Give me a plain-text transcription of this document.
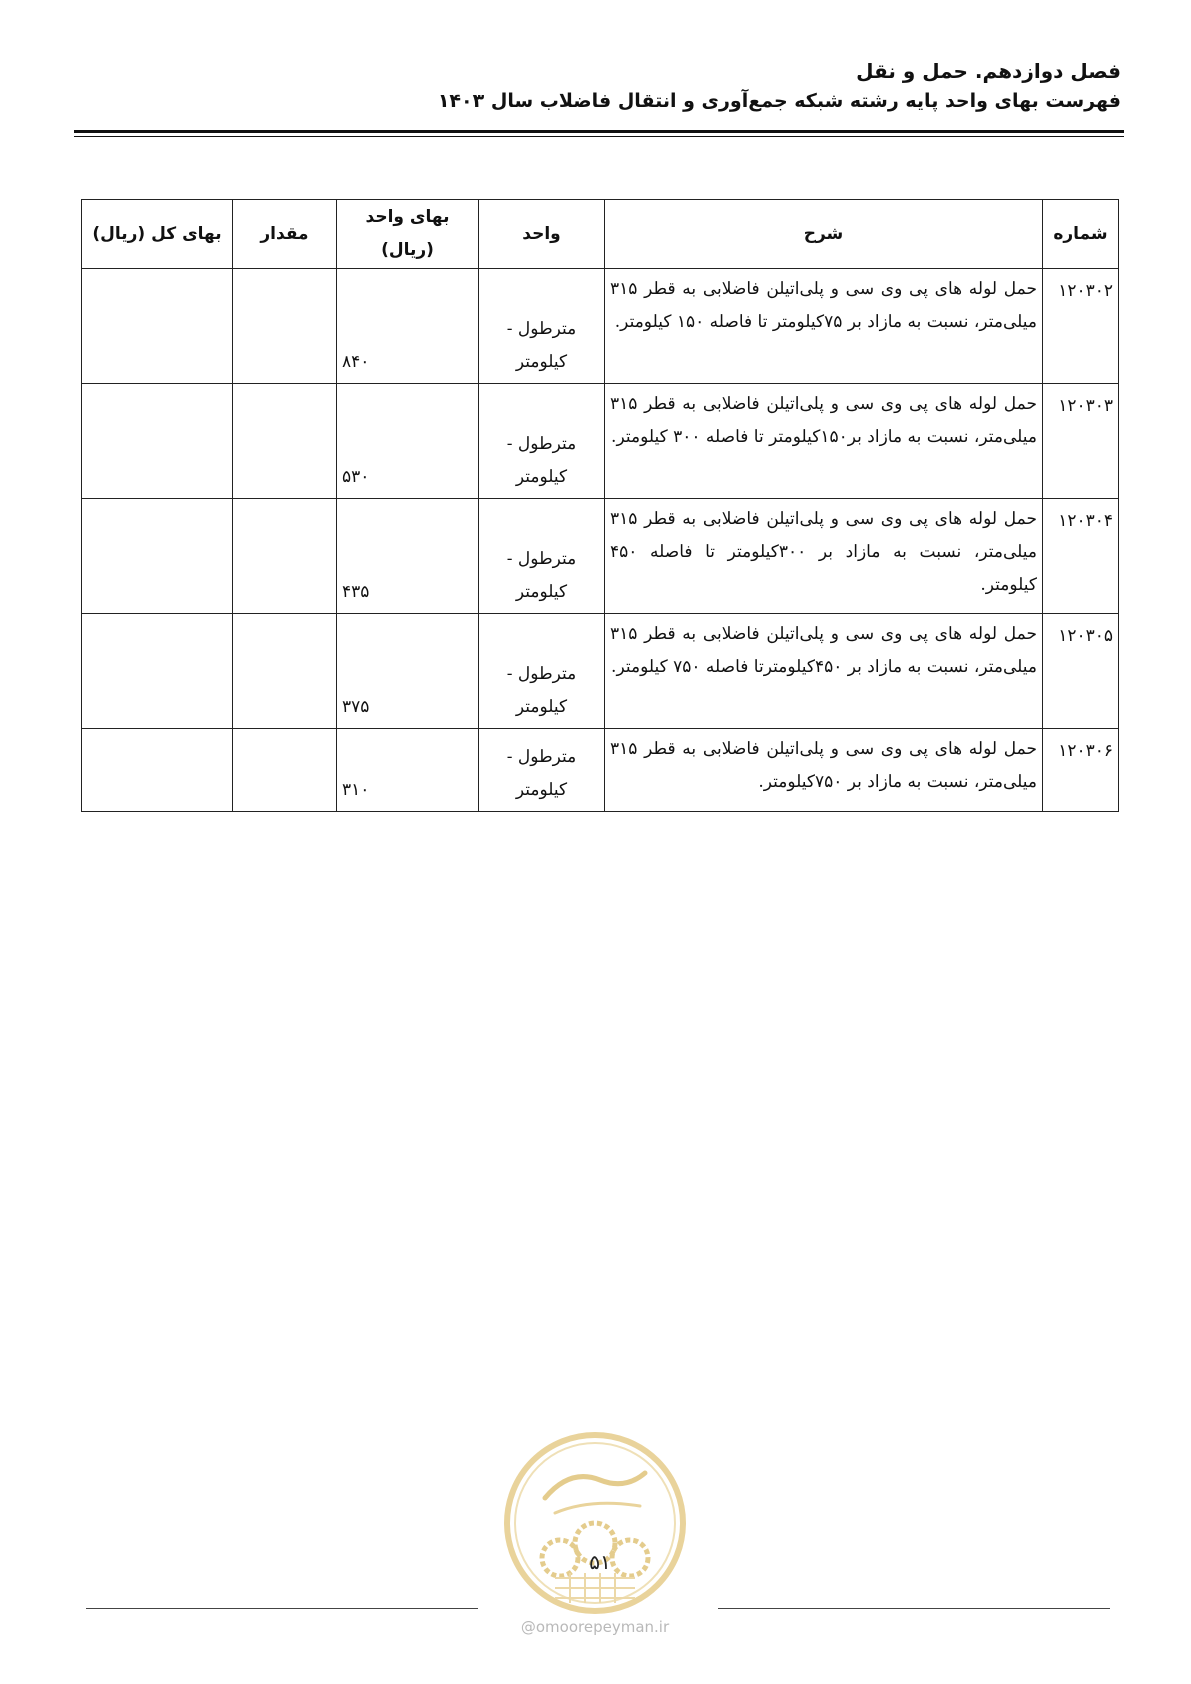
فصل دوازدهم. حمل و نقل
فهرست بهای واحد پایه رشته شبکه جمع‌آوری و انتقال فاضلاب سال ۱۴۰۳
شماره	شرح	واحد	بهای واحد (ریال)	مقدار	بهای کل (ریال)
۱۲۰۳۰۲	حمل لوله های پی وی سی و پلی‌اتیلن فاضلابی به قطر ۳۱۵ میلی‌متر، نسبت به مازاد بر ۷۵کیلومتر تا فاصله ۱۵۰ کیلومتر.	مترطول - کیلومتر	۸۴۰		
۱۲۰۳۰۳	حمل لوله های پی وی سی و پلی‌اتیلن فاضلابی به قطر ۳۱۵ میلی‌متر، نسبت به مازاد بر۱۵۰کیلومتر تا فاصله ۳۰۰ کیلومتر.	مترطول - کیلومتر	۵۳۰		
۱۲۰۳۰۴	حمل لوله های پی وی سی و پلی‌اتیلن فاضلابی به قطر ۳۱۵ میلی‌متر، نسبت به مازاد بر ۳۰۰کیلومتر تا فاصله ۴۵۰ کیلومتر.	مترطول - کیلومتر	۴۳۵		
۱۲۰۳۰۵	حمل لوله های پی وی سی و پلی‌اتیلن فاضلابی به قطر ۳۱۵ میلی‌متر، نسبت به مازاد بر ۴۵۰کیلومترتا فاصله ۷۵۰ کیلومتر.	مترطول - کیلومتر	۳۷۵		
۱۲۰۳۰۶	حمل لوله های پی وی سی و پلی‌اتیلن فاضلابی به قطر ۳۱۵ میلی‌متر، نسبت به مازاد بر ۷۵۰کیلومتر.	مترطول - کیلومتر	۳۱۰		
۵۱
@omoorepeyman.ir
